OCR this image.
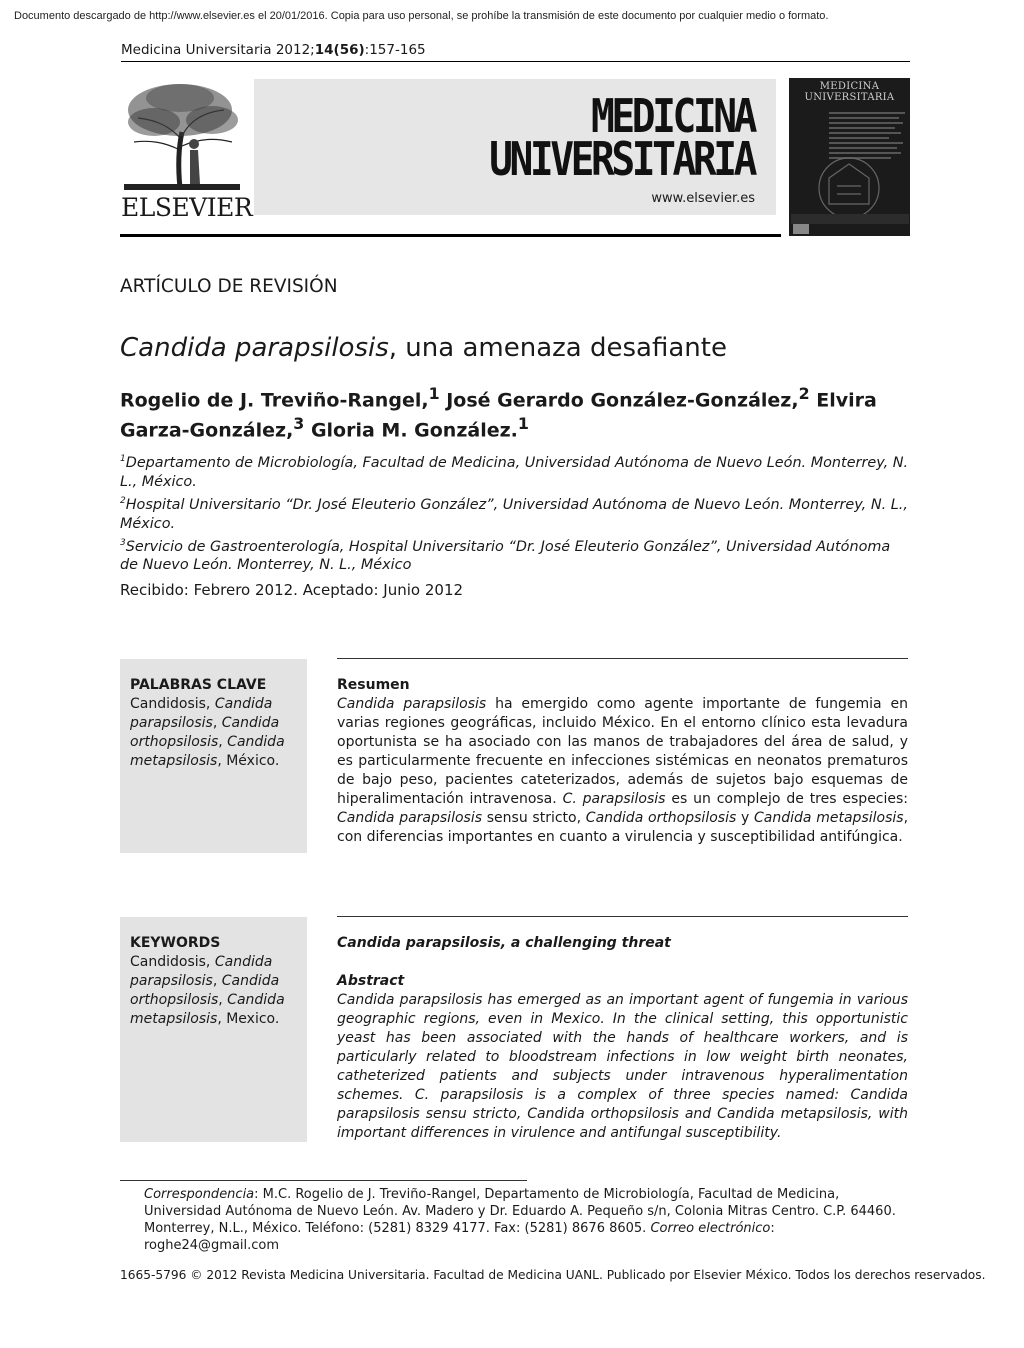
Documento descargado de http://www.elsevier.es el 20/01/2016. Copia para uso personal, se prohíbe la transmisión de este documento por cualquier medio o formato.
Medicina Universitaria 2012;14(56):157-165
ELSEVIER
MEDICINA
UNIVERSITARIA
www.elsevier.es
MEDICINA
UNIVERSITARIA
ARTÍCULO DE REVISIÓN
Candida parapsilosis, una amenaza desafiante
Rogelio de J. Treviño-Rangel,$^1$ José Gerardo González-González,$^2$ Elvira Garza-González,$^3$ Gloria M. González.$^1$
$^1$Departamento de Microbiología, Facultad de Medicina, Universidad Autónoma de Nuevo León. Monterrey, N. L., México.
$^2$Hospital Universitario “Dr. José Eleuterio González”, Universidad Autónoma de Nuevo León. Monterrey, N. L., México.
$^3$Servicio de Gastroenterología, Hospital Universitario “Dr. José Eleuterio González”, Universidad Autónoma de Nuevo León. Monterrey, N. L., México
Recibido: Febrero 2012. Aceptado: Junio 2012
PALABRAS CLAVE
Candidosis, Candida parapsilosis, Candida orthopsilosis, Candida metapsilosis, México.
Resumen
Candida parapsilosis ha emergido como agente importante de fungemia en varias regiones geográficas, incluido México. En el entorno clínico esta levadura oportunista se ha asociado con las manos de trabajadores del área de salud, y es particularmente frecuente en infecciones sistémicas en neonatos prematuros de bajo peso, pacientes cateterizados, además de sujetos bajo esquemas de hiperalimentación intravenosa. C. parapsilosis es un complejo de tres especies: Candida parapsilosis sensu stricto, Candida orthopsilosis y Candida metapsilosis, con diferencias importantes en cuanto a virulencia y susceptibilidad antifúngica.
KEYWORDS
Candidosis, Candida parapsilosis, Candida orthopsilosis, Candida metapsilosis, Mexico.
Candida parapsilosis, a challenging threat
Abstract
Candida parapsilosis has emerged as an important agent of fungemia in various geographic regions, even in Mexico. In the clinical setting, this opportunistic yeast has been associated with the hands of healthcare workers, and is particularly related to bloodstream infections in low weight birth neonates, catheterized patients and subjects under intravenous hyperalimentation schemes. C. parapsilosis is a complex of three species named: Candida parapsilosis sensu stricto, Candida orthopsilosis and Candida metapsilosis, with important differences in virulence and antifungal susceptibility.
Correspondencia: M.C. Rogelio de J. Treviño-Rangel, Departamento de Microbiología, Facultad de Medicina, Universidad Autónoma de Nuevo León. Av. Madero y Dr. Eduardo A. Pequeño s/n, Colonia Mitras Centro. C.P. 64460. Monterrey, N.L., México. Teléfono: (5281) 8329 4177. Fax: (5281) 8676 8605. Correo electrónico: roghe24@gmail.com
1665-5796 © 2012 Revista Medicina Universitaria. Facultad de Medicina UANL. Publicado por Elsevier México. Todos los derechos reservados.
